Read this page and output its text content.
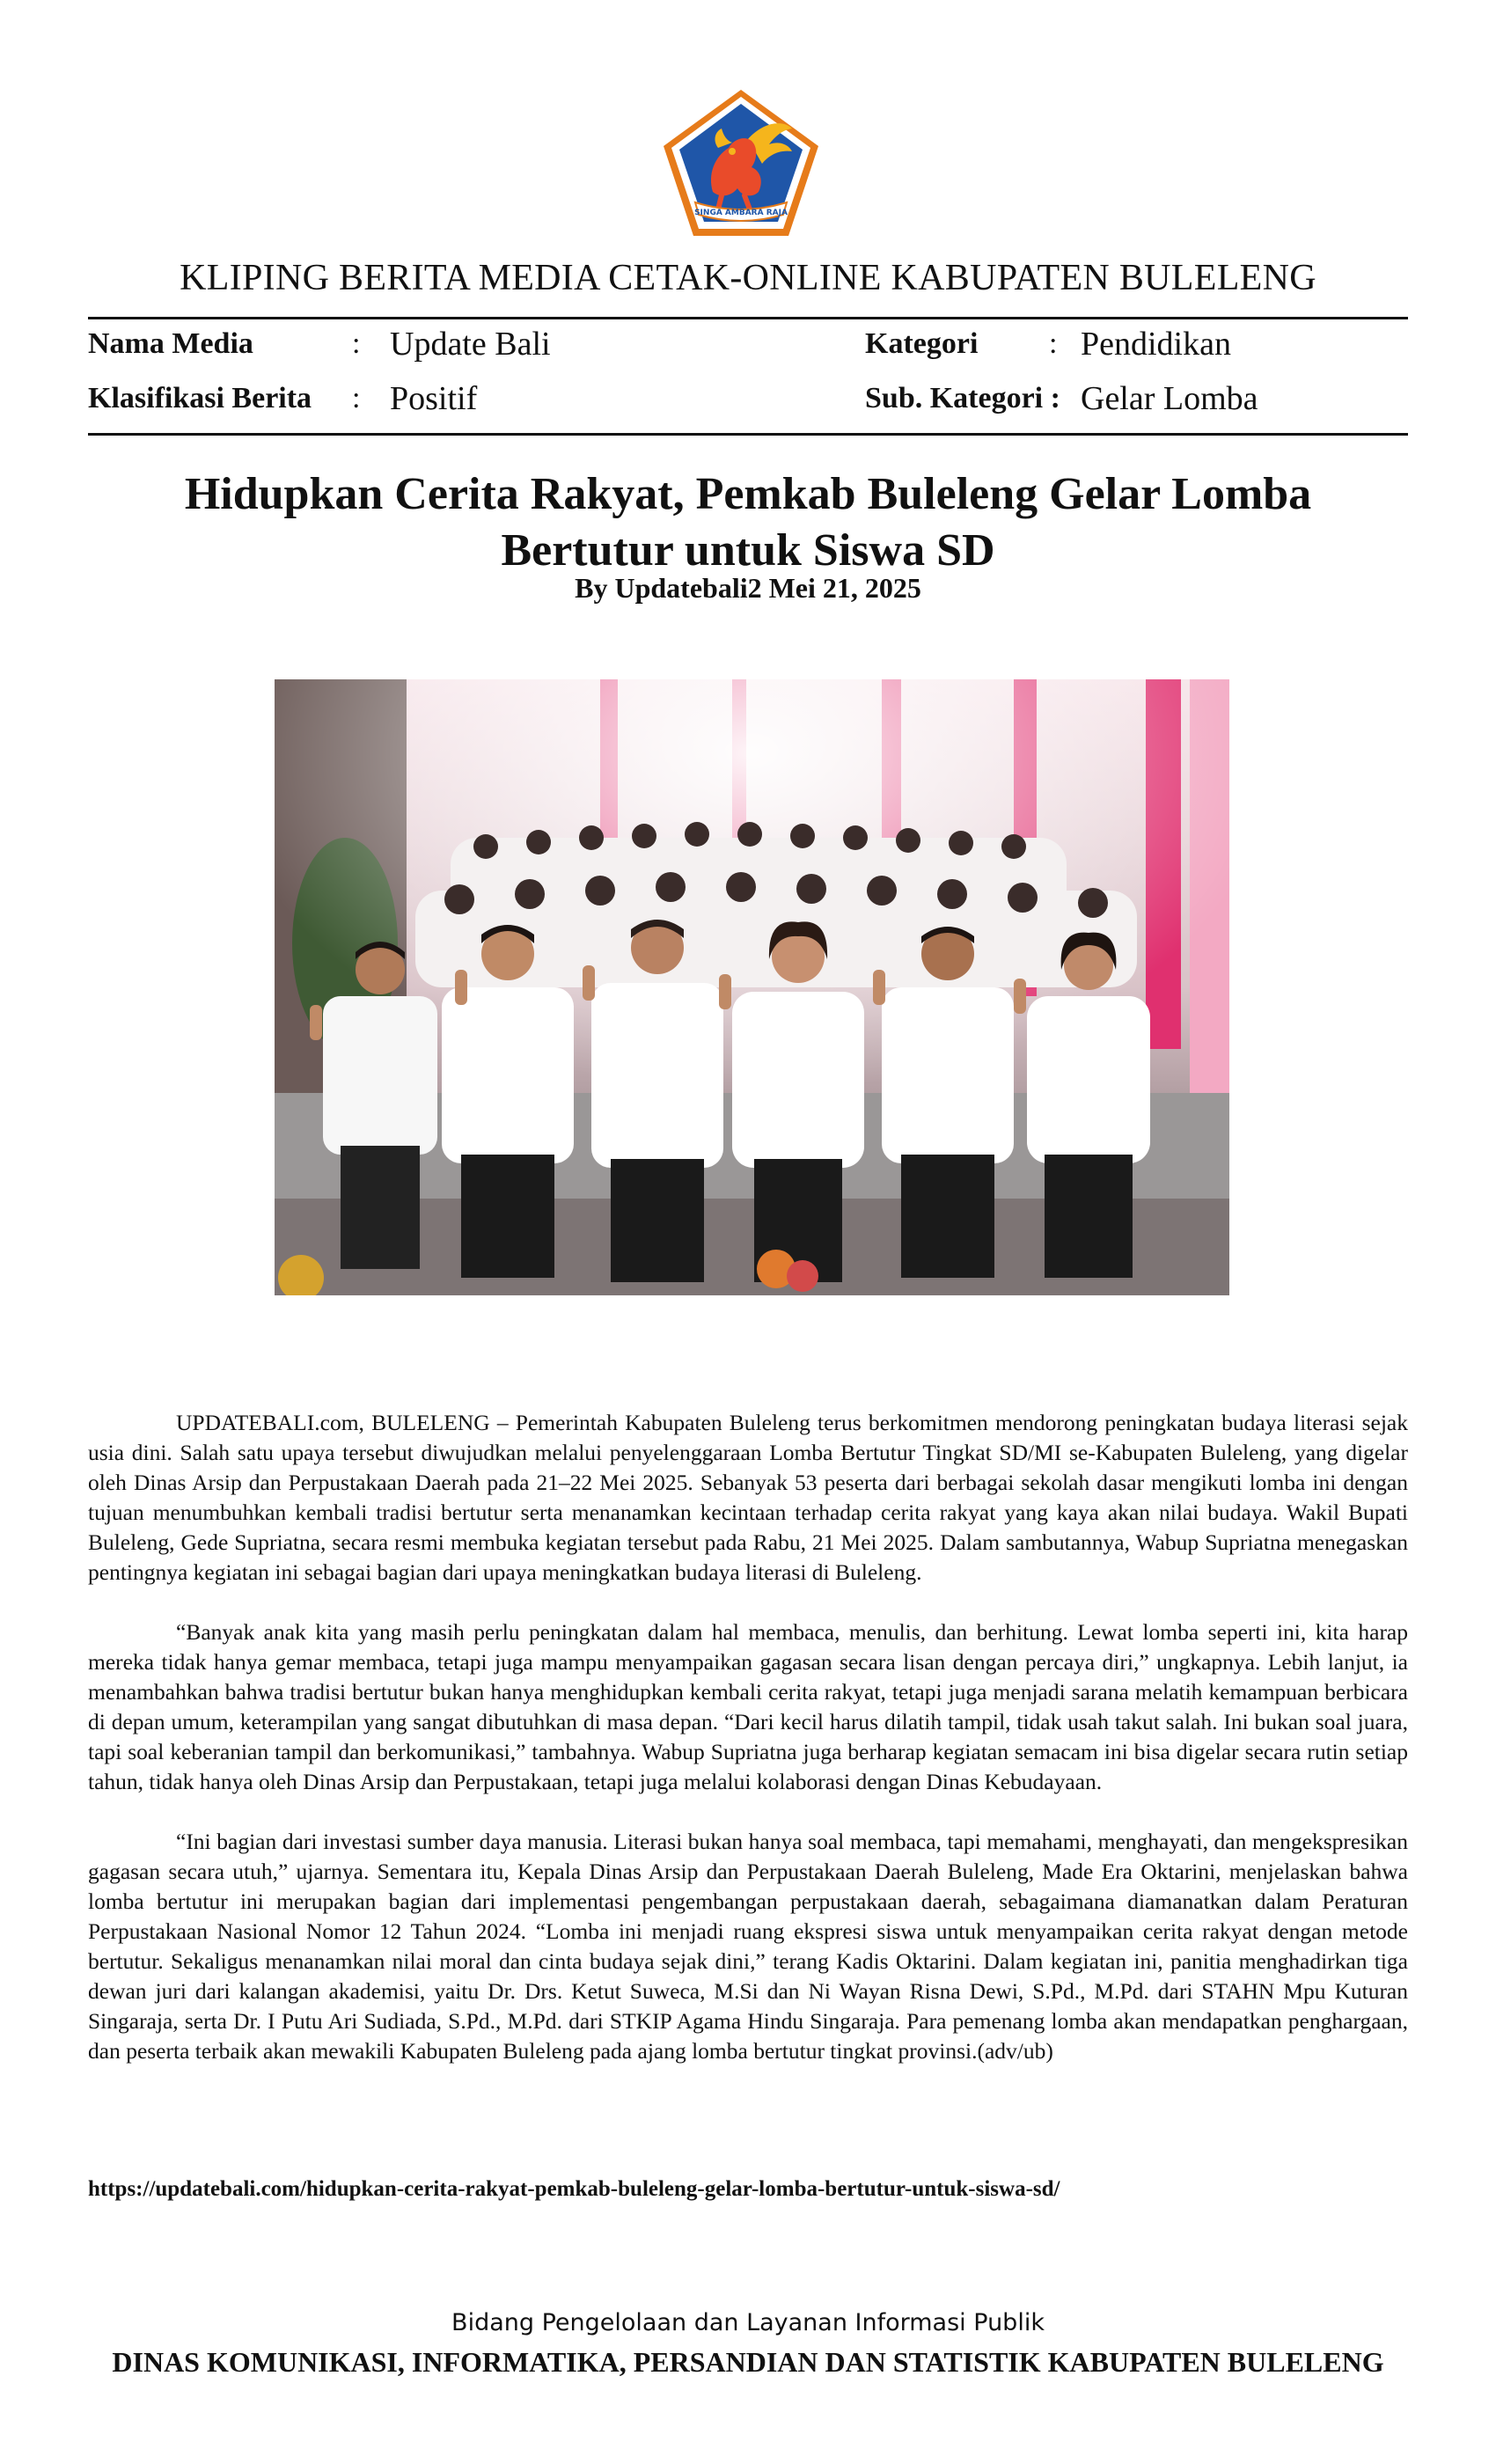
SINGA AMBARA RAJA
KLIPING BERITA MEDIA CETAK-ONLINE KABUPATEN BULELENG
Nama Media	: Update Bali	Kategori : Pendidikan
Klasifikasi Berita : Positif	Sub. Kategori : Gelar Lomba
Hidupkan Cerita Rakyat, Pemkab Buleleng Gelar Lomba Bertutur untuk Siswa SD
By Updatebali2 Mei 21, 2025

UPDATEBALI.com, BULELENG – Pemerintah Kabupaten Buleleng terus berkomitmen mendorong peningkatan budaya literasi sejak usia dini. Salah satu upaya tersebut diwujudkan melalui penyelenggaraan Lomba Bertutur Tingkat SD/MI se-Kabupaten Buleleng, yang digelar oleh Dinas Arsip dan Perpustakaan Daerah pada 21–22 Mei 2025. Sebanyak 53 peserta dari berbagai sekolah dasar mengikuti lomba ini dengan tujuan menumbuhkan kembali tradisi bertutur serta menanamkan kecintaan terhadap cerita rakyat yang kaya akan nilai budaya. Wakil Bupati Buleleng, Gede Supriatna, secara resmi membuka kegiatan tersebut pada Rabu, 21 Mei 2025. Dalam sambutannya, Wabup Supriatna menegaskan pentingnya kegiatan ini sebagai bagian dari upaya meningkatkan budaya literasi di Buleleng.

“Banyak anak kita yang masih perlu peningkatan dalam hal membaca, menulis, dan berhitung. Lewat lomba seperti ini, kita harap mereka tidak hanya gemar membaca, tetapi juga mampu menyampaikan gagasan secara lisan dengan percaya diri,” ungkapnya. Lebih lanjut, ia menambahkan bahwa tradisi bertutur bukan hanya menghidupkan kembali cerita rakyat, tetapi juga menjadi sarana melatih kemampuan berbicara di depan umum, keterampilan yang sangat dibutuhkan di masa depan. “Dari kecil harus dilatih tampil, tidak usah takut salah. Ini bukan soal juara, tapi soal keberanian tampil dan berkomunikasi,” tambahnya. Wabup Supriatna juga berharap kegiatan semacam ini bisa digelar secara rutin setiap tahun, tidak hanya oleh Dinas Arsip dan Perpustakaan, tetapi juga melalui kolaborasi dengan Dinas Kebudayaan.

“Ini bagian dari investasi sumber daya manusia. Literasi bukan hanya soal membaca, tapi memahami, menghayati, dan mengekspresikan gagasan secara utuh,” ujarnya. Sementara itu, Kepala Dinas Arsip dan Perpustakaan Daerah Buleleng, Made Era Oktarini, menjelaskan bahwa lomba bertutur ini merupakan bagian dari implementasi pengembangan perpustakaan daerah, sebagaimana diamanatkan dalam Peraturan Perpustakaan Nasional Nomor 12 Tahun 2024. “Lomba ini menjadi ruang ekspresi siswa untuk menyampaikan cerita rakyat dengan metode bertutur. Sekaligus menanamkan nilai moral dan cinta budaya sejak dini,” terang Kadis Oktarini. Dalam kegiatan ini, panitia menghadirkan tiga dewan juri dari kalangan akademisi, yaitu Dr. Drs. Ketut Suweca, M.Si dan Ni Wayan Risna Dewi, S.Pd., M.Pd. dari STAHN Mpu Kuturan Singaraja, serta Dr. I Putu Ari Sudiada, S.Pd., M.Pd. dari STKIP Agama Hindu Singaraja. Para pemenang lomba akan mendapatkan penghargaan, dan peserta terbaik akan mewakili Kabupaten Buleleng pada ajang lomba bertutur tingkat provinsi.(adv/ub)

https://updatebali.com/hidupkan-cerita-rakyat-pemkab-buleleng-gelar-lomba-bertutur-untuk-siswa-sd/
Bidang Pengelolaan dan Layanan Informasi Publik
DINAS KOMUNIKASI, INFORMATIKA, PERSANDIAN DAN STATISTIK KABUPATEN BULELENG
